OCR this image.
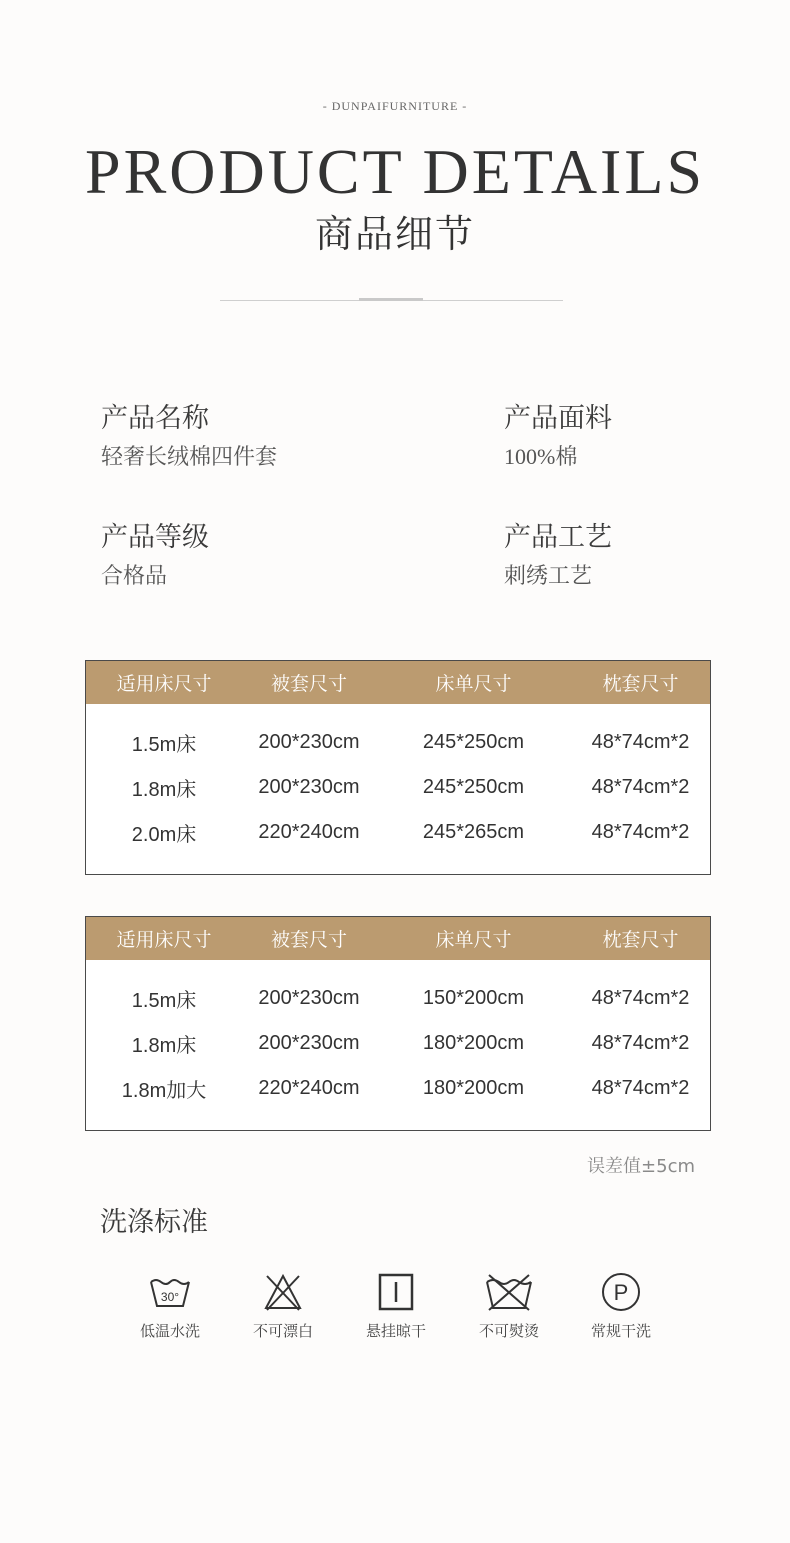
- DUNPAIFURNITURE -
PRODUCT DETAILS
商品细节
产品名称
轻奢长绒棉四件套
产品面料
100%棉
产品等级
合格品
产品工艺
刺绣工艺
适用床尺寸	被套尺寸	床单尺寸	枕套尺寸
1.5m床	200*230cm	245*250cm	48*74cm*2
1.8m床	200*230cm	245*250cm	48*74cm*2
2.0m床	220*240cm	245*265cm	48*74cm*2
适用床尺寸	被套尺寸	床单尺寸	枕套尺寸
1.5m床	200*230cm	150*200cm	48*74cm*2
1.8m床	200*230cm	180*200cm	48*74cm*2
1.8m加大	220*240cm	180*200cm	48*74cm*2
误差值±5cm
洗涤标准
30°
低温水洗	不可漂白	悬挂晾干	不可熨烫
P
常规干洗
